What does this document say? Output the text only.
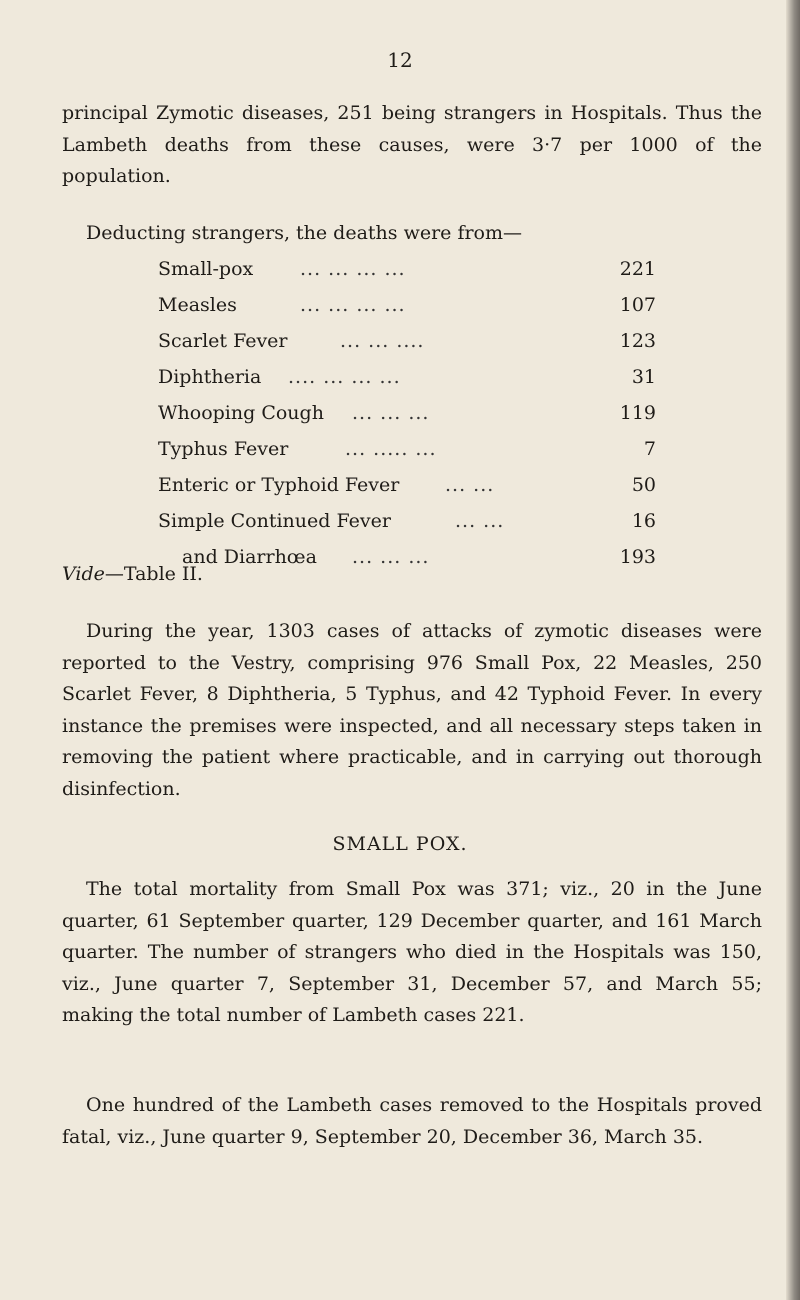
12

principal Zymotic diseases, 251 being strangers in Hospitals. Thus the Lambeth deaths from these causes, were 3·7 per 1000 of the population.

Deducting strangers, the deaths were from—

Small-pox ... ... ... ...	221
Measles	... ... ... ...	107
Scarlet Fever	... ... ....	123
Diphtheria .... ... ... ...	31
Whooping Cough ... ... ...	119
Typhus Fever	... ..... ...	7
Enteric or Typhoid Fever ... ...	50
Simple Continued Fever	... ...	16
and Diarrhœa ... ... ...	193

Vide—Table II.

During the year, 1303 cases of attacks of zymotic diseases were reported to the Vestry, comprising 976 Small Pox, 22 Measles, 250 Scarlet Fever, 8 Diphtheria, 5 Typhus, and 42 Typhoid Fever. In every instance the premises were inspected, and all necessary steps taken in removing the patient where practicable, and in carrying out thorough disinfection.

SMALL POX.

The total mortality from Small Pox was 371; viz., 20 in the June quarter, 61 September quarter, 129 December quarter, and 161 March quarter. The number of strangers who died in the Hospitals was 150, viz., June quarter 7, September 31, December 57, and March 55; making the total number of Lambeth cases 221.

One hundred of the Lambeth cases removed to the Hospitals proved fatal, viz., June quarter 9, September 20, December 36, March 35.
